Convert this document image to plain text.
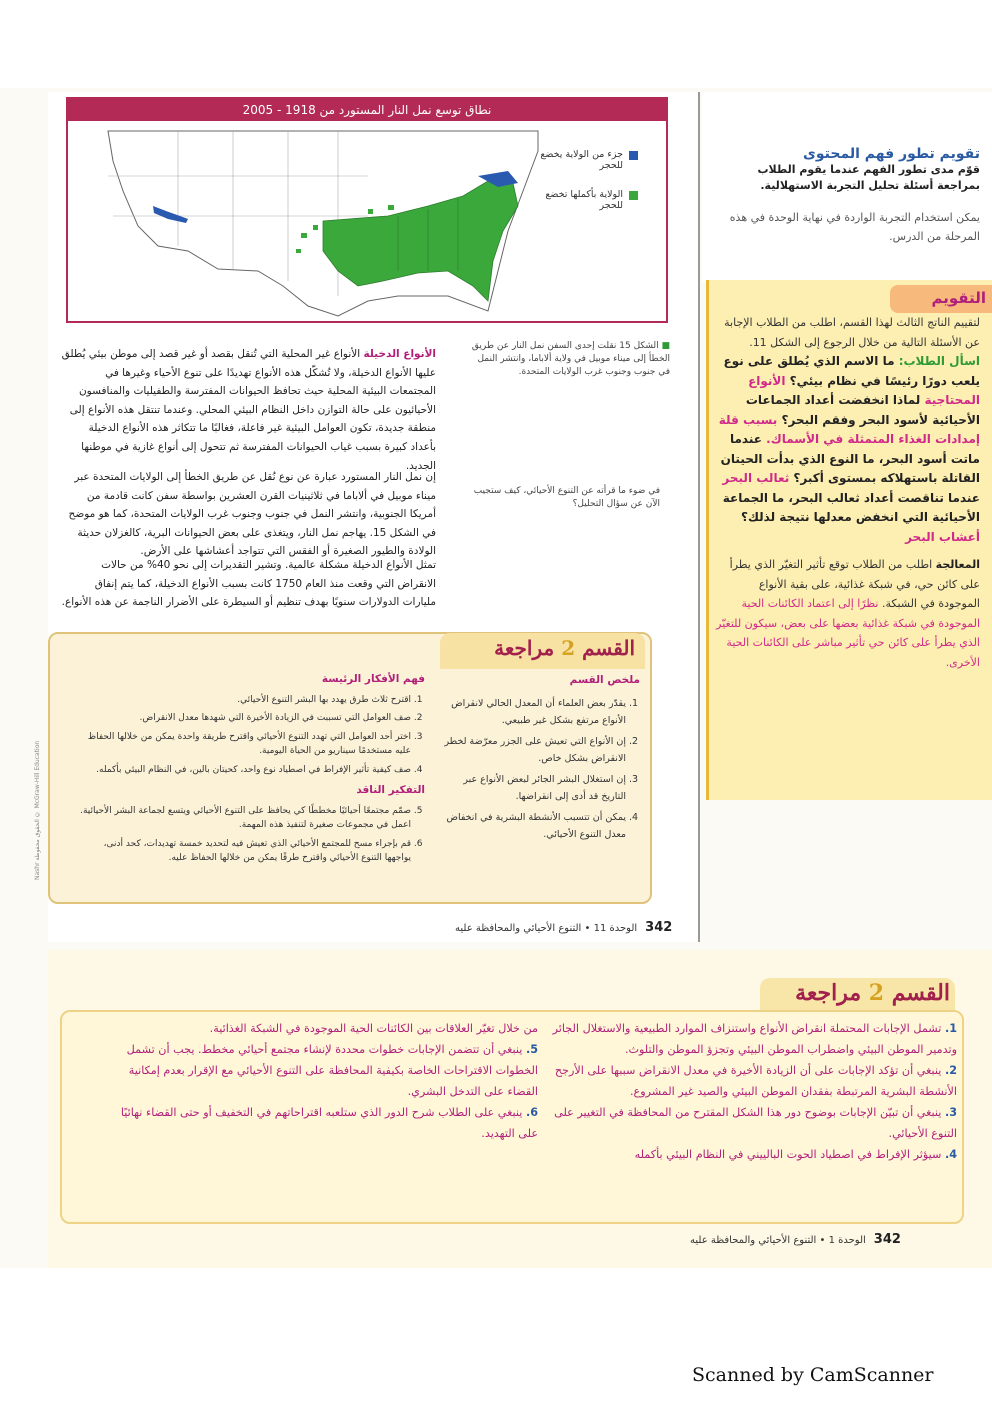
نطاق توسع نمل النار المستورد من 1918 - 2005
جزء من الولاية يخضع للحجر
الولاية بأكملها تخضع للحجر
■ الشكل 15 نقلت إحدى السفن نمل النار عن طريق الخطأ إلى ميناء موبيل في ولاية ألاباما، وانتشر النمل في جنوب وجنوب غرب الولايات المتحدة.
في ضوء ما قرأته عن التنوع الأحيائي، كيف ستجيب الآن عن سؤال التحليل؟
الأنواع الدخيلة الأنواع غير المحلية التي تُنقل بقصد أو غير قصد إلى موطن بيئي يُطلق عليها الأنواع الدخيلة، ولا تُشكّل هذه الأنواع تهديدًا على تنوع الأحياء وغيرها في المجتمعات البيئية المحلية حيث تحافظ الحيوانات المفترسة والطفيليات والمنافسون الأحيائيون على حالة التوازن داخل النظام البيئي المحلي. وعندما تنتقل هذه الأنواع إلى منطقة جديدة، تكون العوامل البيئية غير فاعلة، فغالبًا ما تتكاثر هذه الأنواع الدخيلة بأعداد كبيرة بسبب غياب الحيوانات المفترسة ثم تتحول إلى أنواع غازية في موطنها الجديد.
إن نمل النار المستورد عبارة عن نوع نُقل عن طريق الخطأ إلى الولايات المتحدة عبر ميناء موبيل في ألاباما في ثلاثينيات القرن العشرين بواسطة سفن كانت قادمة من أمريكا الجنوبية، وانتشر النمل في جنوب وجنوب غرب الولايات المتحدة، كما هو موضح في الشكل 15. يهاجم نمل النار، ويتغذى على بعض الحيوانات البرية، كالغزلان حديثة الولادة والطيور الصغيرة أو الفقس التي تتواجد أعشاشها على الأرض.
تمثل الأنواع الدخيلة مشكلة عالمية. وتشير التقديرات إلى نحو 40% من حالات الانقراض التي وقعت منذ العام 1750 كانت بسبب الأنواع الدخيلة، كما يتم إنفاق مليارات الدولارات سنويًا بهدف تنظيم أو السيطرة على الأضرار الناجمة عن هذه الأنواع.
القسم 2 مراجعة
ملخص القسم
1. يقدّر بعض العلماء أن المعدل الحالي لانقراض الأنواع مرتفع بشكل غير طبيعي.
2. إن الأنواع التي تعيش على الجزر معرّضة لخطر الانقراض بشكل خاص.
3. إن استغلال البشر الجائر لبعض الأنواع عبر التاريخ قد أدى إلى انقراضها.
4. يمكن أن تتسبب الأنشطة البشرية في انخفاض معدل التنوع الأحيائي.
فهم الأفكار الرئيسة
1. اقترح ثلاث طرق يهدد بها البشر التنوع الأحيائي.
2. صف العوامل التي تسببت في الزيادة الأخيرة التي شهدها معدل الانقراض.
3. اختر أحد العوامل التي تهدد التنوع الأحيائي واقترح طريقة واحدة يمكن من خلالها الحفاظ عليه مستخدمًا سيناريو من الحياة اليومية.
4. صف كيفية تأثير الإفراط في اصطياد نوع واحد، كحيتان بالين، في النظام البيئي بأكمله.
التفكير الناقد
5. صمّم مجتمعًا أحيائيًا مخططًا كي يحافظ على التنوع الأحيائي ويتسع لجماعة البشر الأحيائية. اعمل في مجموعات صغيرة لتنفيذ هذه المهمة.
6. قم بإجراء مسح للمجتمع الأحيائي الذي تعيش فيه لتحديد خمسة تهديدات، كحد أدنى، يواجهها التنوع الأحيائي واقترح طرقًا يمكن من خلالها الحفاظ عليه.
342الوحدة 11 • التنوع الأحيائي والمحافظة عليه
Nashr الحقوق محفوظة © McGraw-Hill Education
تقويم تطور فهم المحتوى

قوّم مدى تطور الفهم عندما يقوم الطلاب بمراجعة أسئلة تحليل التجربة الاستهلالية.

يمكن استخدام التجربة الواردة في نهاية الوحدة في هذه المرحلة من الدرس.

التقويم

لتقييم الناتج الثالث لهذا القسم، اطلب من الطلاب الإجابة عن الأسئلة التالية من خلال الرجوع إلى الشكل 11.

اسأل الطلاب: ما الاسم الذي يُطلق على نوع يلعب دورًا رئيسًا في نظام بيئي؟ الأنواع المحتاجية لماذا انخفضت أعداد الجماعات الأحيائية لأسود البحر وفقم البحر؟ بسبب قلة إمدادات الغذاء المتمثلة في الأسماك. عندما ماتت أسود البحر، ما النوع الذي بدأت الحيتان القاتلة باستهلاكه بمستوى أكبر؟ ثعالب البحر عندما تناقصت أعداد ثعالب البحر، ما الجماعة الأحيائية التي انخفض معدلها نتيجة لذلك؟ أعشاب البحر

المعالجة اطلب من الطلاب توقع تأثير التغيّر الذي يطرأ على كائن حي، في شبكة غذائية، على بقية الأنواع الموجودة في الشبكة. نظرًا إلى اعتماد الكائنات الحية الموجودة في شبكة غذائية بعضها على بعض، سيكون للتغيّر الذي يطرأ على كائن حي تأثير مباشر على الكائنات الحية الأخرى.

القسم 2 مراجعة
1. تشمل الإجابات المحتملة انقراض الأنواع واستنزاف الموارد الطبيعية والاستغلال الجائر وتدمير الموطن البيئي واضطراب الموطن البيئي وتجزؤ الموطن والتلوث.
2. ينبغي أن تؤكد الإجابات على أن الزيادة الأخيرة في معدل الانقراض سببها على الأرجح الأنشطة البشرية المرتبطة بفقدان الموطن البيئي والصيد غير المشروع.
3. ينبغي أن تبيّن الإجابات بوضوح دور هذا الشكل المقترح من المحافظة في التغيير على التنوع الأحيائي.
4. سيؤثر الإفراط في اصطياد الحوت البالييني في النظام البيئي بأكمله
من خلال تغيّر العلاقات بين الكائنات الحية الموجودة في الشبكة الغذائية.
5. ينبغي أن تتضمن الإجابات خطوات محددة لإنشاء مجتمع أحيائي مخطط. يجب أن تشمل الخطوات الاقتراحات الخاصة بكيفية المحافظة على التنوع الأحيائي مع الإقرار بعدم إمكانية القضاء على التدخل البشري.
6. ينبغي على الطلاب شرح الدور الذي ستلعبه اقتراحاتهم في التخفيف أو حتى القضاء نهائيًا على التهديد.
342الوحدة 1 • التنوع الأحيائي والمحافظة عليه
Scanned by CamScanner
